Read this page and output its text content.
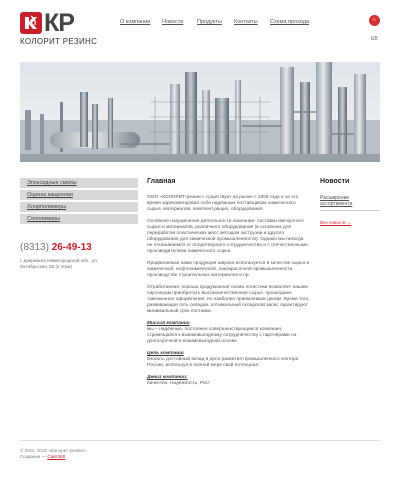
КР
КОЛОРИТ РЕЗИНС
О компании Новости Продукты Контакты Схема прохода	⌂
EB
Эпоксидные смолы
Оценка кащенная
Хлорполимеры
Сополимеры
(8313) 26-49-13
г. Дзержинск Нижегородской обл., ул. Октябрьская, 82 (2 этаж)
Главная

ООО «КОЛОРИТ-резинс» существует на рынке с 2005 года и за это время зарекомендовал себя надёжным поставщиком химического сырья, материалов, комплектующих, оборудования.

Основное направление деятельности компании- поставки импортного сырья и материалов, различного оборудования (в основном для переработки пластических масс методом экструзии и другого оборудования для химической промышленности). Однако мы никогда не отказываемся от плодотворного сотрудничества и с отечественными производителями химического сырья.

Продвигаемая нами продукция широко используется в качестве сырья в химической, нефтехимической, лакокрасочной промышленности, производстве строительных материалов и пр.

Отработанная, хорошо продуманная схема логистики позволяет нашим партнерам приобретать высококачественное сырье, прошедшее таможенное оформление, по наиболее приемлемым ценам. Кроме того, развивающая сеть складов, оптимальный складской запас гарантируют минимальный срок поставки.

Миссия компании

мы – надёжные, постоянно совершенствующиеся компания, стремящаяся к взаимовыгодному сотрудничеству с партнёрами на долгосрочной и взаимовыгодной основе.

Цель компании

вносить достойный вклад в дело развития промышленного сектора России, используя в полной мере свой потенциал.

Девиз компании:

Качество, Надёжность, Рост

Новости
Расширение ассортимента
Все новости →
© 2011, ООО «Колорит резинс»
Создание — Сайт360
